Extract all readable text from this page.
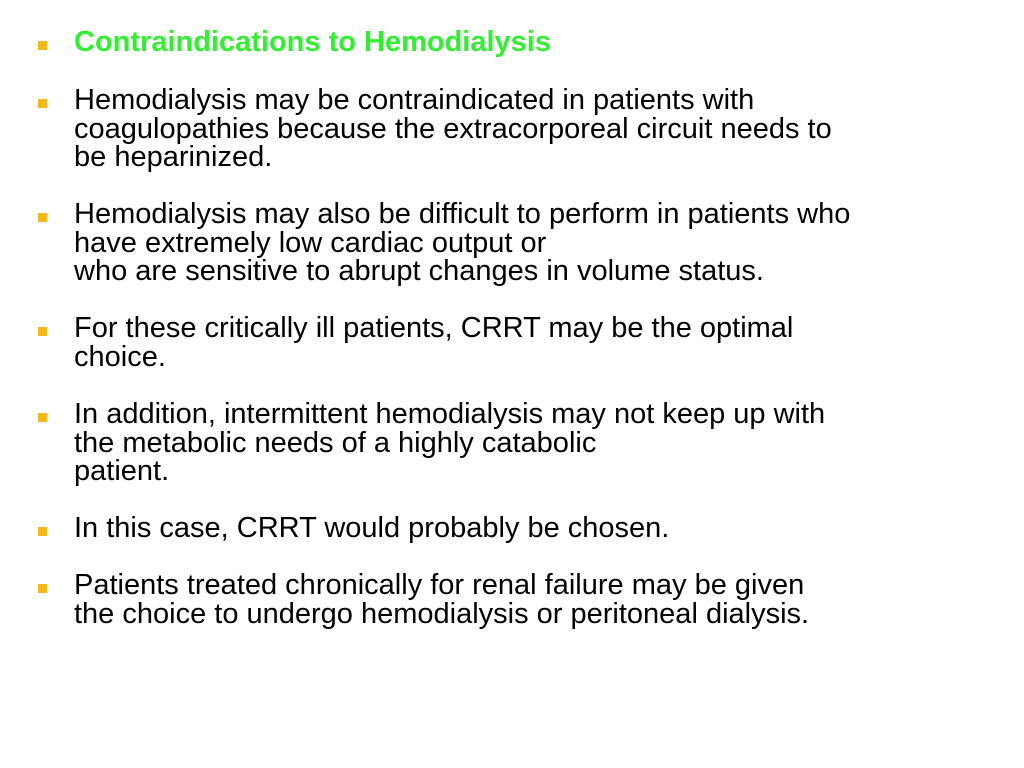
Contraindications to Hemodialysis
Hemodialysis may be contraindicated in patients with
coagulopathies because the extracorporeal circuit needs to
be heparinized.
Hemodialysis may also be difficult to perform in patients who
have extremely low cardiac output or
who are sensitive to abrupt changes in volume status.
For these critically ill patients, CRRT may be the optimal
choice.
In addition, intermittent hemodialysis may not keep up with
the metabolic needs of a highly catabolic
patient.
In this case, CRRT would probably be chosen.
Patients treated chronically for renal failure may be given
the choice to undergo hemodialysis or peritoneal dialysis.
